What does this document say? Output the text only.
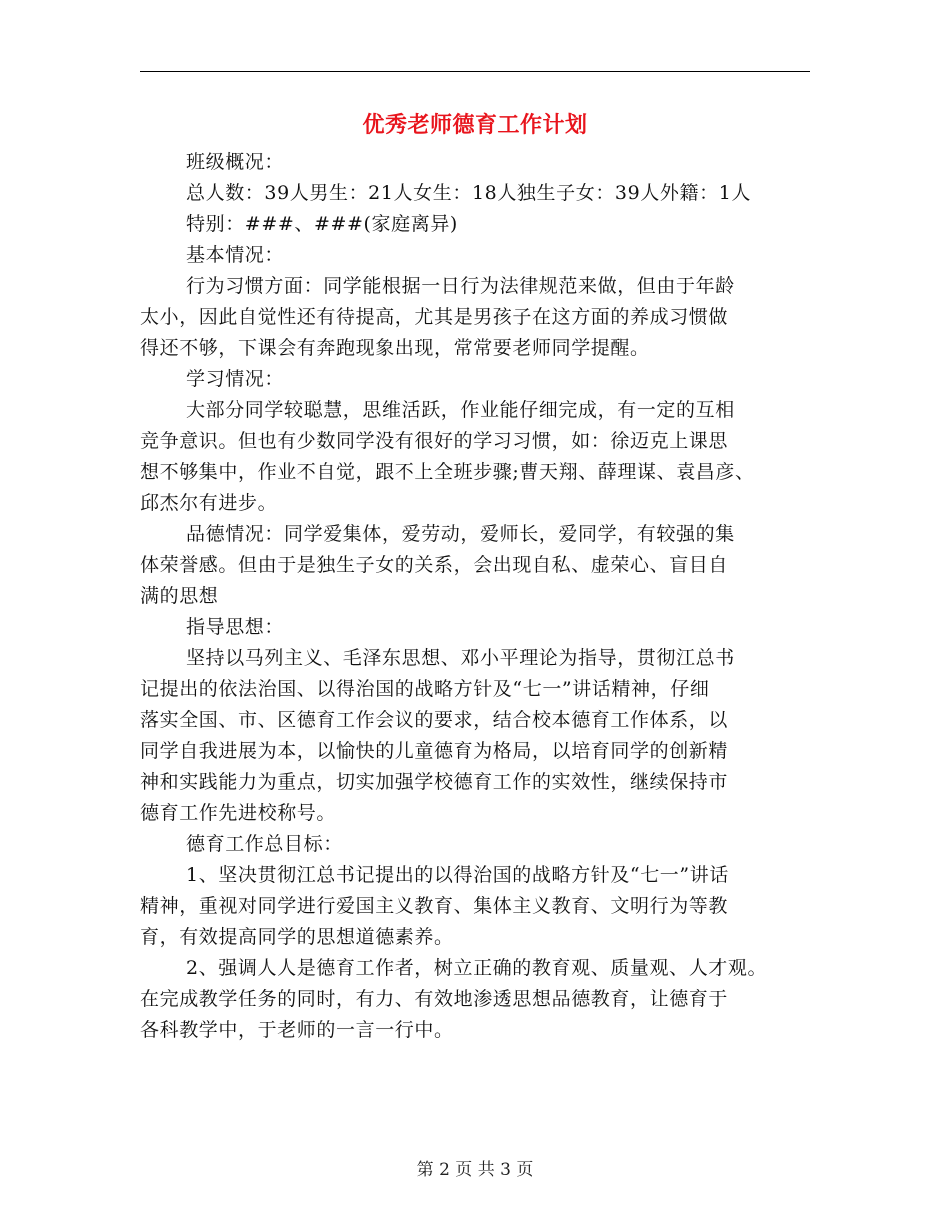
优秀老师德育工作计划

班级概况：

总人数：39人男生：21人女生：18人独生子女：39人外籍：1人

特别：###、###(家庭离异)

基本情况：

行为习惯方面：同学能根据一日行为法律规范来做，但由于年龄
太小，因此自觉性还有待提高，尤其是男孩子在这方面的养成习惯做
得还不够，下课会有奔跑现象出现，常常要老师同学提醒。

学习情况：

大部分同学较聪慧，思维活跃，作业能仔细完成，有一定的互相
竞争意识。但也有少数同学没有很好的学习习惯，如：徐迈克上课思
想不够集中，作业不自觉，跟不上全班步骤;曹天翔、薛理谋、袁昌彦、
邱杰尔有进步。

品德情况：同学爱集体，爱劳动，爱师长，爱同学，有较强的集
体荣誉感。但由于是独生子女的关系，会出现自私、虚荣心、盲目自
满的思想

指导思想：

坚持以马列主义、毛泽东思想、邓小平理论为指导，贯彻江总书
记提出的依法治国、以得治国的战略方针及“七一”讲话精神，仔细
落实全国、市、区德育工作会议的要求，结合校本德育工作体系，以
同学自我进展为本，以愉快的儿童德育为格局，以培育同学的创新精
神和实践能力为重点，切实加强学校德育工作的实效性，继续保持市
德育工作先进校称号。

德育工作总目标：

1、坚决贯彻江总书记提出的以得治国的战略方针及“七一”讲话
精神，重视对同学进行爱国主义教育、集体主义教育、文明行为等教
育，有效提高同学的思想道德素养。

2、强调人人是德育工作者，树立正确的教育观、质量观、人才观。
在完成教学任务的同时，有力、有效地渗透思想品德教育，让德育于
各科教学中，于老师的一言一行中。

第 2 页 共 3 页
